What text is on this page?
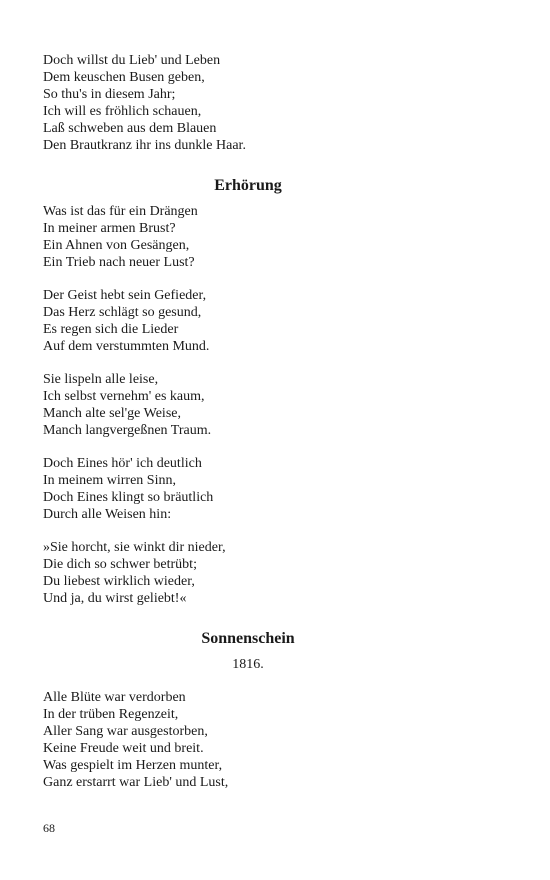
Doch willst du Lieb' und Leben
Dem keuschen Busen geben,
So thu's in diesem Jahr;
Ich will es fröhlich schauen,
Laß schweben aus dem Blauen
Den Brautkranz ihr ins dunkle Haar.
Erhörung
Was ist das für ein Drängen
In meiner armen Brust?
Ein Ahnen von Gesängen,
Ein Trieb nach neuer Lust?
Der Geist hebt sein Gefieder,
Das Herz schlägt so gesund,
Es regen sich die Lieder
Auf dem verstummten Mund.
Sie lispeln alle leise,
Ich selbst vernehm' es kaum,
Manch alte sel'ge Weise,
Manch langvergeßnen Traum.
Doch Eines hör' ich deutlich
In meinem wirren Sinn,
Doch Eines klingt so bräutlich
Durch alle Weisen hin:
»Sie horcht, sie winkt dir nieder,
Die dich so schwer betrübt;
Du liebest wirklich wieder,
Und ja, du wirst geliebt!«
Sonnenschein
1816.
Alle Blüte war verdorben
In der trüben Regenzeit,
Aller Sang war ausgestorben,
Keine Freude weit und breit.
Was gespielt im Herzen munter,
Ganz erstarrt war Lieb' und Lust,
68
